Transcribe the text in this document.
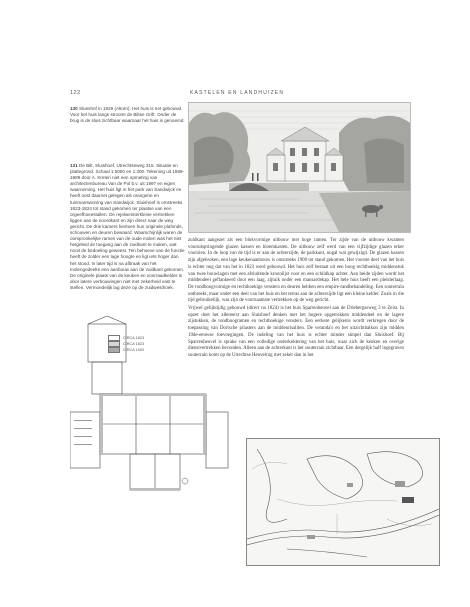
122	KASTELEN EN LANDHUIZEN
130 Slueshof in 1829 (Altorn). Het huis is net gebouwd. Voor het huis langs stroomt de Biltse Grift. Onder de brug is de sluis zichtbaar waarnaar het huis is genoemd.
131 De Bilt, Sluishoef, Utrechtseweg 315. Situatie en plattegrond. Schaal 1:5000 en 1:300. Tekening uit 1868-1989 door A. Kreteri niet een opmeting van architectenbureau Van de Pol b.v. uit 1997 en eigen waarneming. Het huis ligt in het park van Sandwijck en heeft oost daarnet gelegen als orangerie en tuinmanswoning van Sandwijck. Sluishoef is omstreeks 1823-1824 tot stand gekomen ter plaatse van een orgeefhoeestallen. De rejelweinterkleine vertrekken liggen aan de noordkant en zijn direct naar de weg gericht. De drie kamers hiertoen hun originele plafonds, schouwen en deuren bewaard. Waarschijnlijk waren de oorspronkelijke ramen van de oude molen was het niet hetgeleid de toegang aan de zuidkant te maken, wat nooit de bedoeling geweest. Ten behoeve van de functie heeft de zolder een lage hoogte en ligt iets hoger dan het stood. In later tijd is na afbraak van het molengedeelte een aanbouw aan de zuidkant gekomen. De originele plaats van de keuken en voorraadkelder is door latere verbouwingen niet met zekerheid vast te stellen. Vermoedelijk lag deze op de zuidwesthoek.

zuidkant aangezet als een blokvormige uitbouw met hoge ramen. Ter zijde van de uitbouw kwamen vooruitspringende glazen kassen en bloemkasten. De uitbouw zelf werd van een vijfzijdige glazen erker voorzien. In de loop van de tijd is er aan de achterzijde, de parkkant, nogal wat gewijzigd. De glazen kassen zijn afgebroken, een lage keukenaanbouw is omstreeks 1900 tot stand gekomen. Het voorste deel van het huis is echter nog dat van het in 1823 werd gebouwd. Het huis zelf bestaat uit een hoog rechthoekig middenstuk van twee bouwlagen met een afsluitende kroonlijst voor en een schildkap achter. Aan beide zijden wordt het middendeel geflankeerd door een laag, zijtuik onder een mansardekap. Het hele huis heeft een pleisterlaag. De rondboogvormige en rechthoekige vensters en deuren hebben een empire-randbehandeling. Een souterrain ontbreekt, maar onder een deel van het huis en het terras aan de achterzijde ligt een kleine kelder. Zoals in die tijd gebruikelijk, was zijn de voornaamste vertrekken op de weg gericht.

Vrijwel gelijktijdig gebouwd (direct na 1824) is het huis Sparrenheuvel aan de Driebergseweg 3 te Zeist. In opzet doet het allereerst aan Sluishoef denken met het hogere opgetrokken middendeel en de lagere zijstukken, de rondboogramen en rechthoekige vensters. Een eerkere gelijkenis wordt verkregen door de toepassing van Dorische pilasters aan de middenrisaliten. De veranda's en het uitzichtbalkon zijn midden 19de-eeuwse toevoegingen. De indeling van het huis is echter minder simpel dan Sluishoef. Bij Sparrenheuvel is sprake van een volledige onderkeldering van het huis, waar zich de keuken en overige dienstvertrekken bevonden. Alleen aan de achterkant is het souterrain zichtbaar. Een dergelijk half ingegraven souterrain komt op de Utrechtse Heuvelrug met zeker dan in het

CIRCA 1823
CIRCA 1823
CIRCA 1900
